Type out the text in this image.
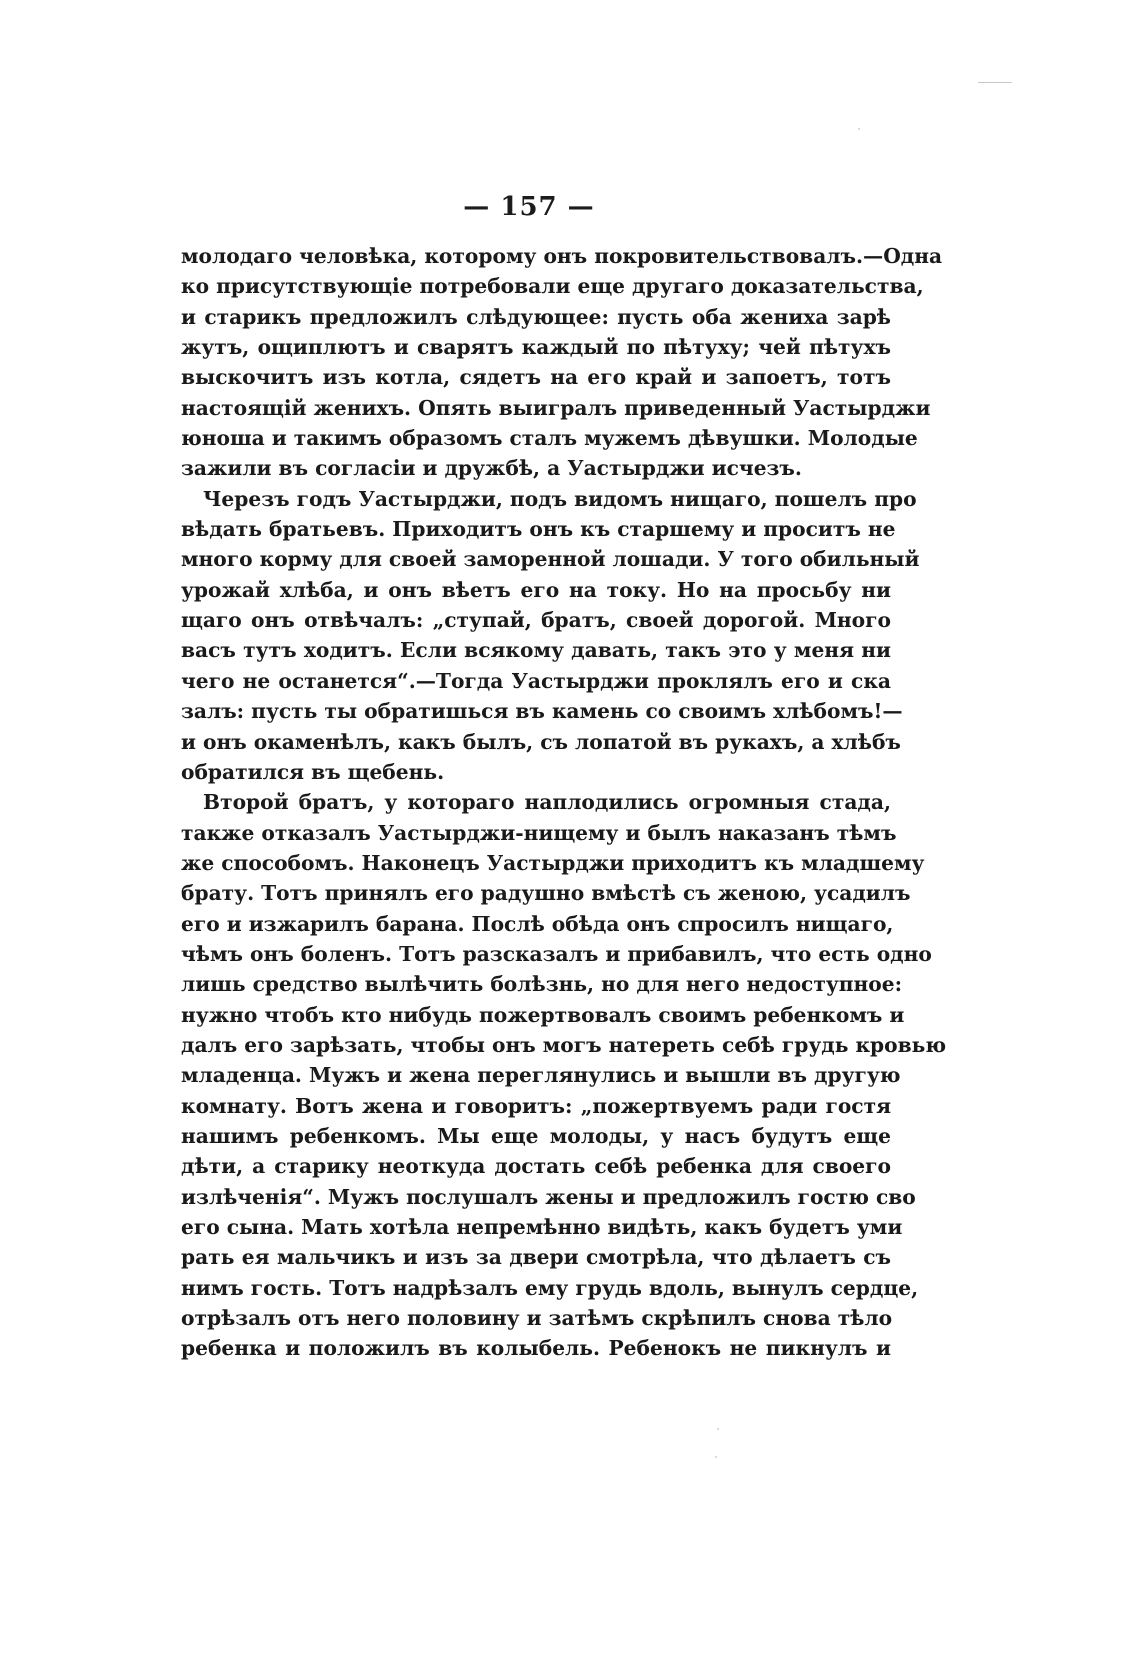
— 157 —
молодаго человѣка, которому онъ покровительствовалъ.—Одна
ко присутствующіе потребовали еще другаго доказательства,
и старикъ предложилъ слѣдующее: пусть оба жениха зарѣ
жутъ, ощиплютъ и сварятъ каждый по пѣтуху; чей пѣтухъ
выскочитъ изъ котла, сядетъ на его край и запоетъ, тотъ
настоящій женихъ. Опять выигралъ приведенный Уастырджи
юноша и такимъ образомъ сталъ мужемъ дѣвушки. Молодые
зажили въ согласіи и дружбѣ, а Уастырджи исчезъ.
Черезъ годъ Уастырджи, подъ видомъ нищаго, пошелъ про
вѣдать братьевъ. Приходитъ онъ къ старшему и проситъ не
много корму для своей заморенной лошади. У того обильный
урожай хлѣба, и онъ вѣетъ его на току. Но на просьбу ни
щаго онъ отвѣчалъ: „ступай, братъ, своей дорогой. Много
васъ тутъ ходитъ. Если всякому давать, такъ это у меня ни
чего не останется“.—Тогда Уастырджи проклялъ его и ска
залъ: пусть ты обратишься въ камень со своимъ хлѣбомъ!—
и онъ окаменѣлъ, какъ былъ, съ лопатой въ рукахъ, а хлѣбъ
обратился въ щебень.
Второй братъ, у котораго наплодились огромныя стада,
также отказалъ Уастырджи-нищему и былъ наказанъ тѣмъ
же способомъ. Наконецъ Уастырджи приходитъ къ младшему
брату. Тотъ принялъ его радушно вмѣстѣ съ женою, усадилъ
его и изжарилъ барана. Послѣ обѣда онъ спросилъ нищаго,
чѣмъ онъ боленъ. Тотъ разсказалъ и прибавилъ, что есть одно
лишь средство вылѣчить болѣзнь, но для него недоступное:
нужно чтобъ кто нибудь пожертвовалъ своимъ ребенкомъ и
далъ его зарѣзать, чтобы онъ могъ натереть себѣ грудь кровью
младенца. Мужъ и жена переглянулись и вышли въ другую
комнату. Вотъ жена и говоритъ: „пожертвуемъ ради гостя
нашимъ ребенкомъ. Мы еще молоды, у насъ будутъ еще
дѣти, а старику неоткуда достать себѣ ребенка для своего
излѣченія“. Мужъ послушалъ жены и предложилъ гостю сво
его сына. Мать хотѣла непремѣнно видѣть, какъ будетъ уми
рать ея мальчикъ и изъ за двери смотрѣла, что дѣлаетъ съ
нимъ гость. Тотъ надрѣзалъ ему грудь вдоль, вынулъ сердце,
отрѣзалъ отъ него половину и затѣмъ скрѣпилъ снова тѣло
ребенка и положилъ въ колыбель. Ребенокъ не пикнулъ и
